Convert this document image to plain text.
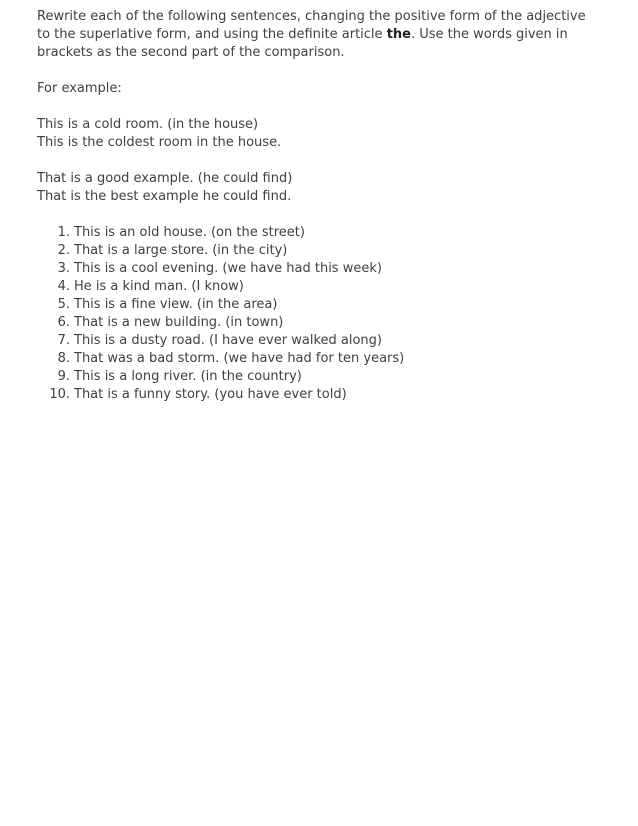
Rewrite each of the following sentences, changing the positive form of the adjective to the superlative form, and using the definite article the. Use the words given in brackets as the second part of the comparison.

For example:

This is a cold room. (in the house)
This is the coldest room in the house.
That is a good example. (he could find)
That is the best example he could find.
1. This is an old house. (on the street)
2. That is a large store. (in the city)
3. This is a cool evening. (we have had this week)
4. He is a kind man. (I know)
5. This is a fine view. (in the area)
6. That is a new building. (in town)
7. This is a dusty road. (I have ever walked along)
8. That was a bad storm. (we have had for ten years)
9. This is a long river. (in the country)
10. That is a funny story. (you have ever told)
